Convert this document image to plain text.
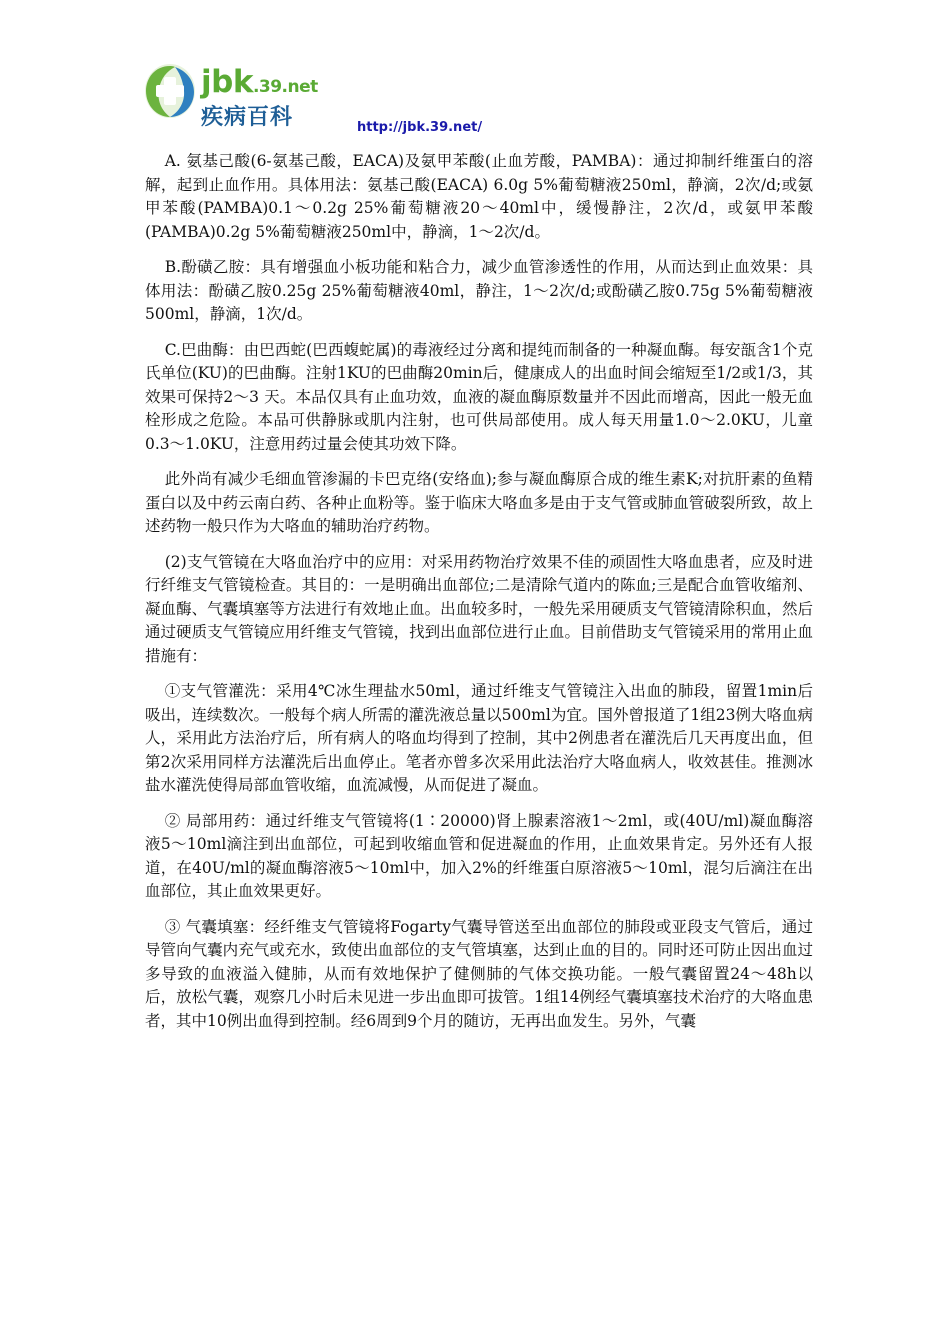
jbk.39.net
疾病百科	http://jbk.39.net/

A. 氨基己酸(6-氨基己酸，EACA)及氨甲苯酸(止血芳酸，PAMBA)：通过抑制纤维蛋白的溶解，起到止血作用。具体用法：氨基己酸(EACA) 6.0g 5%葡萄糖液250ml，静滴，2次/d;或氨甲苯酸(PAMBA)0.1～0.2g 25%葡萄糖液20～40ml中，缓慢静注，2次/d，或氨甲苯酸(PAMBA)0.2g 5%葡萄糖液250ml中，静滴，1～2次/d。

B.酚磺乙胺：具有增强血小板功能和粘合力，减少血管渗透性的作用，从而达到止血效果：具体用法：酚磺乙胺0.25g 25%葡萄糖液40ml，静注，1～2次/d;或酚磺乙胺0.75g 5%葡萄糖液500ml，静滴，1次/d。

C.巴曲酶：由巴西蛇(巴西蝮蛇属)的毒液经过分离和提纯而制备的一种凝血酶。每安瓿含1个克氏单位(KU)的巴曲酶。注射1KU的巴曲酶20min后，健康成人的出血时间会缩短至1/2或1/3，其效果可保持2～3 天。本品仅具有止血功效，血液的凝血酶原数量并不因此而增高，因此一般无血栓形成之危险。本品可供静脉或肌内注射，也可供局部使用。成人每天用量1.0～2.0KU，儿童0.3～1.0KU，注意用药过量会使其功效下降。

此外尚有减少毛细血管渗漏的卡巴克络(安络血);参与凝血酶原合成的维生素K;对抗肝素的鱼精蛋白以及中药云南白药、各种止血粉等。鉴于临床大咯血多是由于支气管或肺血管破裂所致，故上述药物一般只作为大咯血的辅助治疗药物。

(2)支气管镜在大咯血治疗中的应用：对采用药物治疗效果不佳的顽固性大咯血患者，应及时进行纤维支气管镜检查。其目的：一是明确出血部位;二是清除气道内的陈血;三是配合血管收缩剂、凝血酶、气囊填塞等方法进行有效地止血。出血较多时，一般先采用硬质支气管镜清除积血，然后通过硬质支气管镜应用纤维支气管镜，找到出血部位进行止血。目前借助支气管镜采用的常用止血措施有：

①支气管灌洗：采用4℃冰生理盐水50ml，通过纤维支气管镜注入出血的肺段，留置1min后吸出，连续数次。一般每个病人所需的灌洗液总量以500ml为宜。国外曾报道了1组23例大咯血病人，采用此方法治疗后，所有病人的咯血均得到了控制，其中2例患者在灌洗后几天再度出血，但第2次采用同样方法灌洗后出血停止。笔者亦曾多次采用此法治疗大咯血病人，收效甚佳。推测冰盐水灌洗使得局部血管收缩，血流减慢，从而促进了凝血。

② 局部用药：通过纤维支气管镜将(1∶20000)肾上腺素溶液1～2ml，或(40U/ml)凝血酶溶液5～10ml滴注到出血部位，可起到收缩血管和促进凝血的作用，止血效果肯定。另外还有人报道，在40U/ml的凝血酶溶液5～10ml中，加入2%的纤维蛋白原溶液5～10ml，混匀后滴注在出血部位，其止血效果更好。

③ 气囊填塞：经纤维支气管镜将Fogarty气囊导管送至出血部位的肺段或亚段支气管后，通过导管向气囊内充气或充水，致使出血部位的支气管填塞，达到止血的目的。同时还可防止因出血过多导致的血液溢入健肺，从而有效地保护了健侧肺的气体交换功能。一般气囊留置24～48h以后，放松气囊，观察几小时后未见进一步出血即可拔管。1组14例经气囊填塞技术治疗的大咯血患者，其中10例出血得到控制。经6周到9个月的随访，无再出血发生。另外，气囊
